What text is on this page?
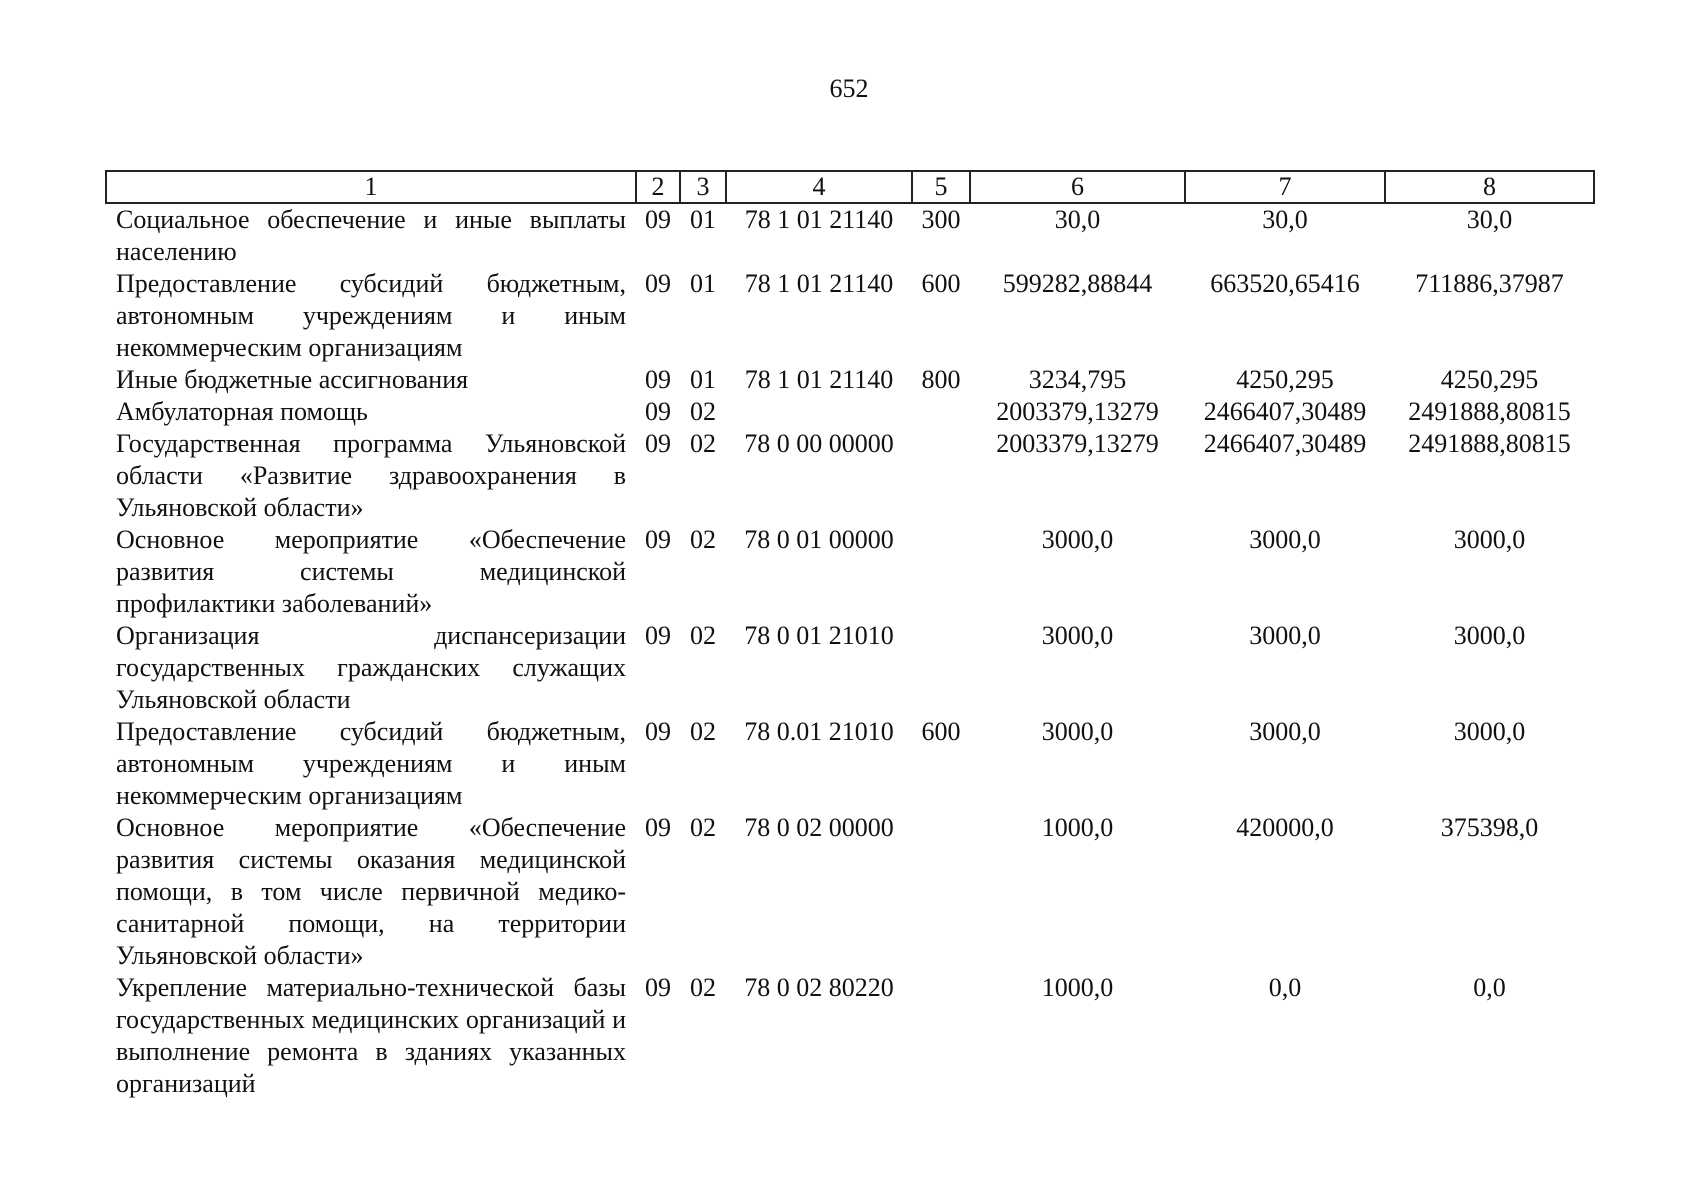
652
1	2	3	4	5	6	7	8
Социальное обеспечение и иные выплаты населению	09	01	78 1 01 21140	300	30,0	30,0	30,0
Предоставление субсидий бюджетным, автономным учреждениям и иным некоммерческим организациям	09	01	78 1 01 21140	600	599282,88844	663520,65416	711886,37987
Иные бюджетные ассигнования	09	01	78 1 01 21140	800	3234,795	4250,295	4250,295
Амбулаторная помощь	09	02			2003379,13279	2466407,30489	2491888,80815
Государственная программа Ульяновской области «Развитие здравоохранения в Ульяновской области»	09	02	78 0 00 00000		2003379,13279	2466407,30489	2491888,80815
Основное мероприятие «Обеспечение развития системы медицинской профилактики заболеваний»	09	02	78 0 01 00000		3000,0	3000,0	3000,0
Организация диспансеризации государственных гражданских служащих Ульяновской области	09	02	78 0 01 21010		3000,0	3000,0	3000,0
Предоставление субсидий бюджетным, автономным учреждениям и иным некоммерческим организациям	09	02	78 0.01 21010	600	3000,0	3000,0	3000,0
Основное мероприятие «Обеспечение развития системы оказания медицинской помощи, в том числе первичной медико-санитарной помощи, на территории Ульяновской области»	09	02	78 0 02 00000		1000,0	420000,0	375398,0
Укрепление материально-технической базы государственных медицинских организаций и выполнение ремонта в зданиях указанных организаций	09	02	78 0 02 80220		1000,0	0,0	0,0
